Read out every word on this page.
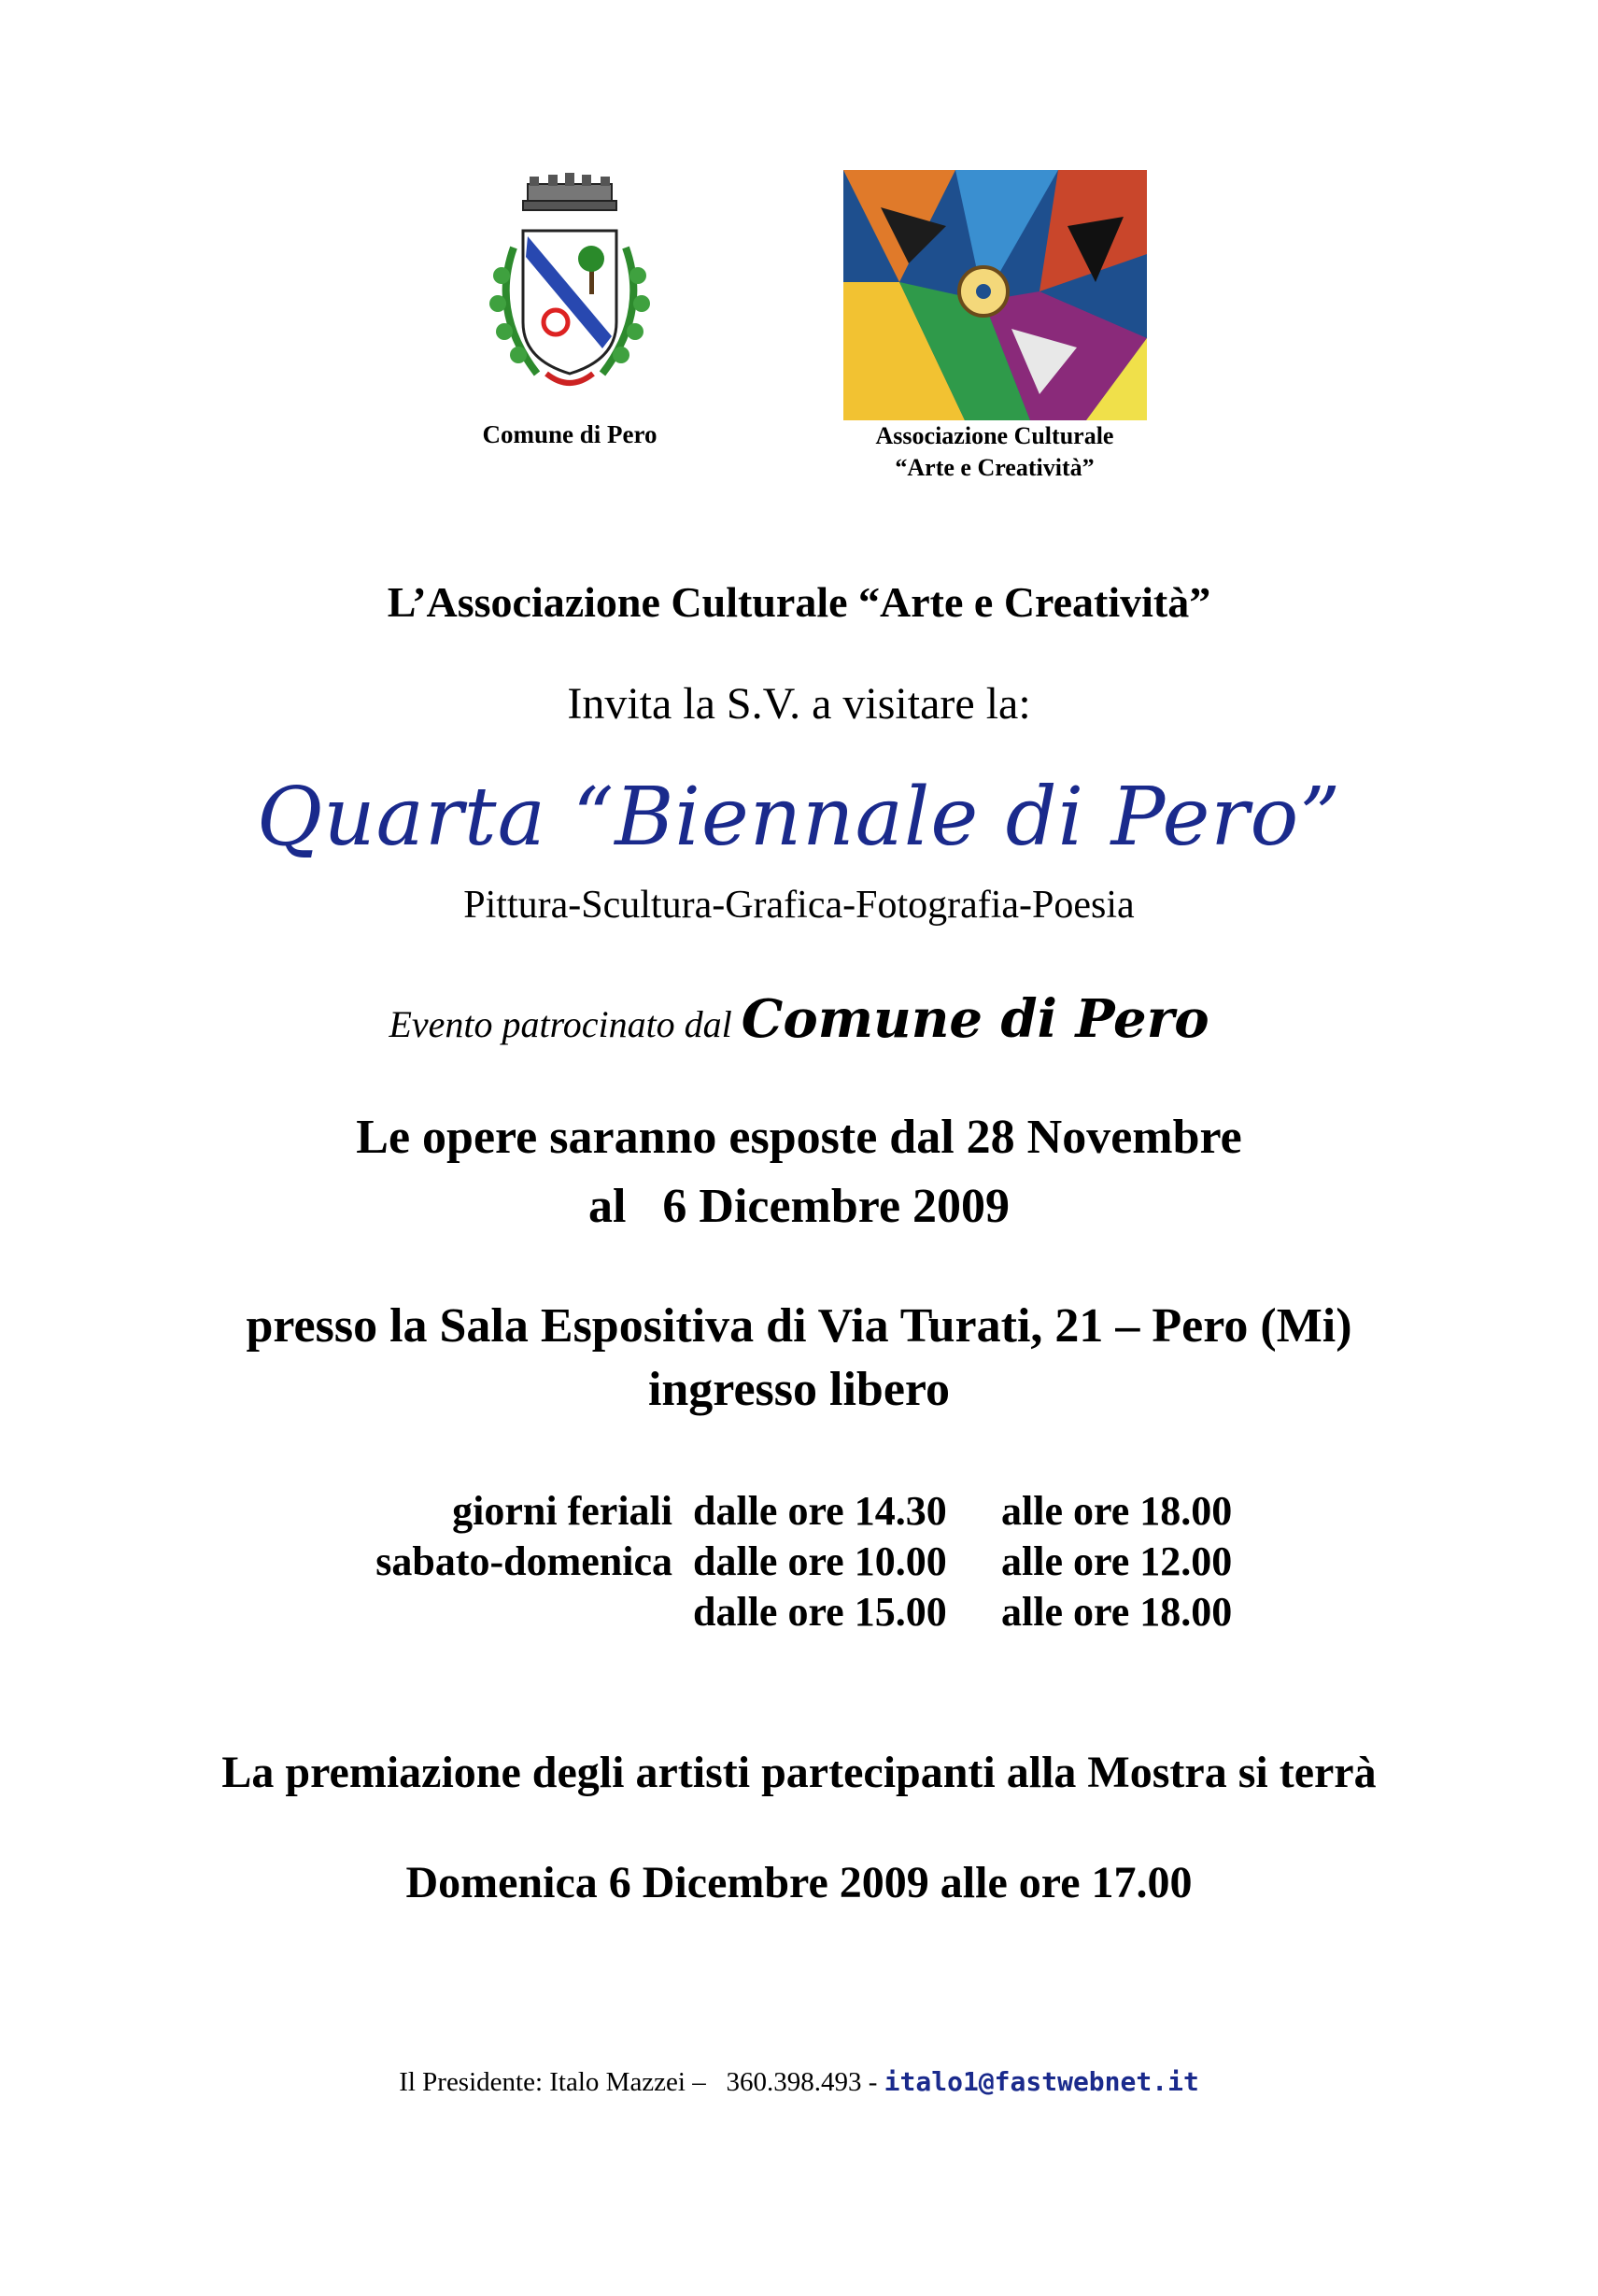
Comune di Pero	Associazione Culturale
“Arte e Creatività”
L’Associazione Culturale “Arte e Creatività”
Invita la S.V. a visitare la:
Quarta “Biennale di Pero”
Pittura-Scultura-Grafica-Fotografia-Poesia
Evento patrocinato dal Comune di Pero
Le opere saranno esposte dal 28 Novembre
al   6 Dicembre 2009
presso la Sala Espositiva di Via Turati, 21 – Pero (Mi)
ingresso libero
giorni feriali dalle ore 14.30 alle ore 18.00
sabato-domenica dalle ore 10.00 alle ore 12.00
dalle ore 15.00 alle ore 18.00
La premiazione degli artisti partecipanti alla Mostra si terrà
Domenica 6 Dicembre 2009 alle ore 17.00
Il Presidente: Italo Mazzei – 360.398.493 - italo1@fastwebnet.it
